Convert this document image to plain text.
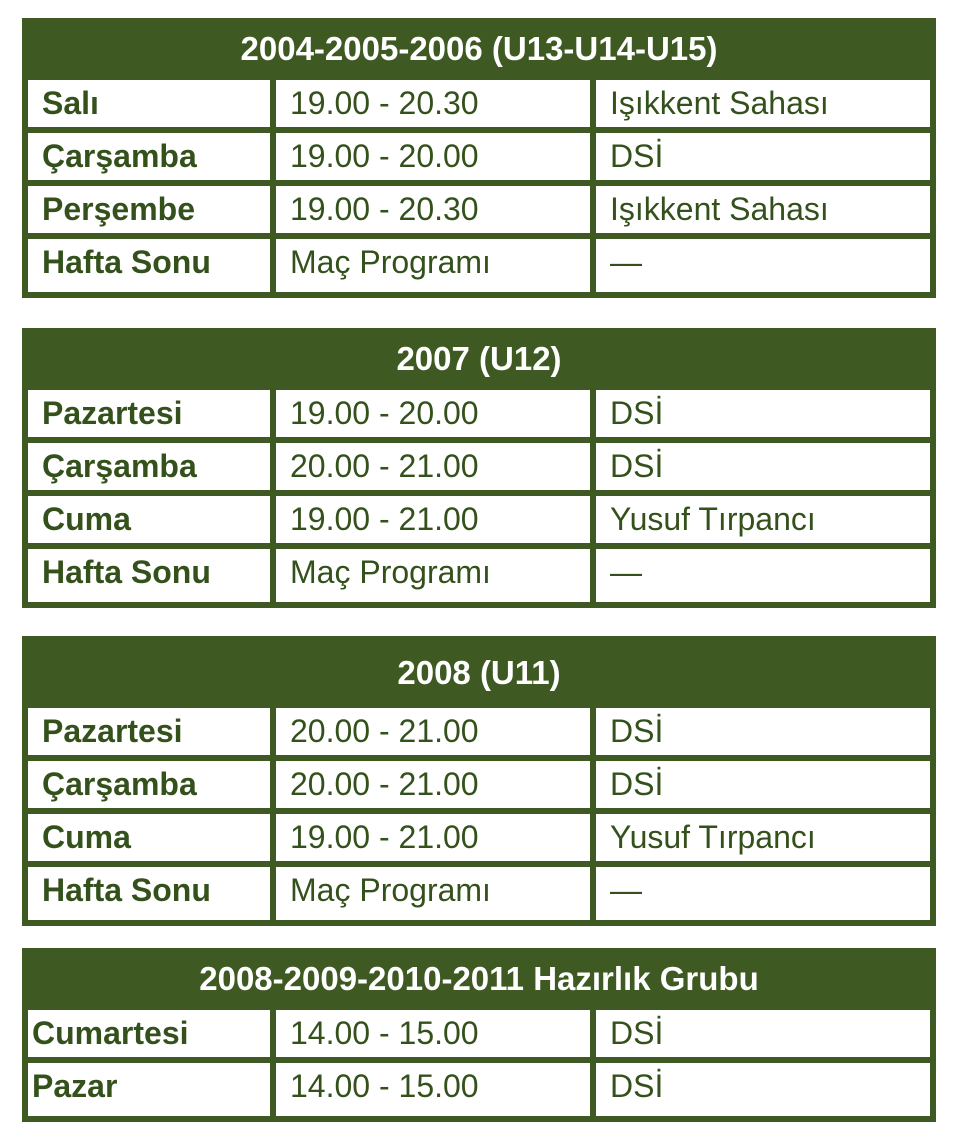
2004-2005-2006 (U13-U14-U15)
Salı	19.00 - 20.30	Işıkkent Sahası
Çarşamba	19.00 - 20.00	DSİ
Perşembe	19.00 - 20.30	Işıkkent Sahası
Hafta Sonu	Maç Programı	—
2007 (U12)
Pazartesi	19.00 - 20.00	DSİ
Çarşamba	20.00 - 21.00	DSİ
Cuma	19.00 - 21.00	Yusuf Tırpancı
Hafta Sonu	Maç Programı	—
2008 (U11)
Pazartesi	20.00 - 21.00	DSİ
Çarşamba	20.00 - 21.00	DSİ
Cuma	19.00 - 21.00	Yusuf Tırpancı
Hafta Sonu	Maç Programı	—
2008-2009-2010-2011 Hazırlık Grubu
Cumartesi	14.00 - 15.00	DSİ
Pazar	14.00 - 15.00	DSİ
